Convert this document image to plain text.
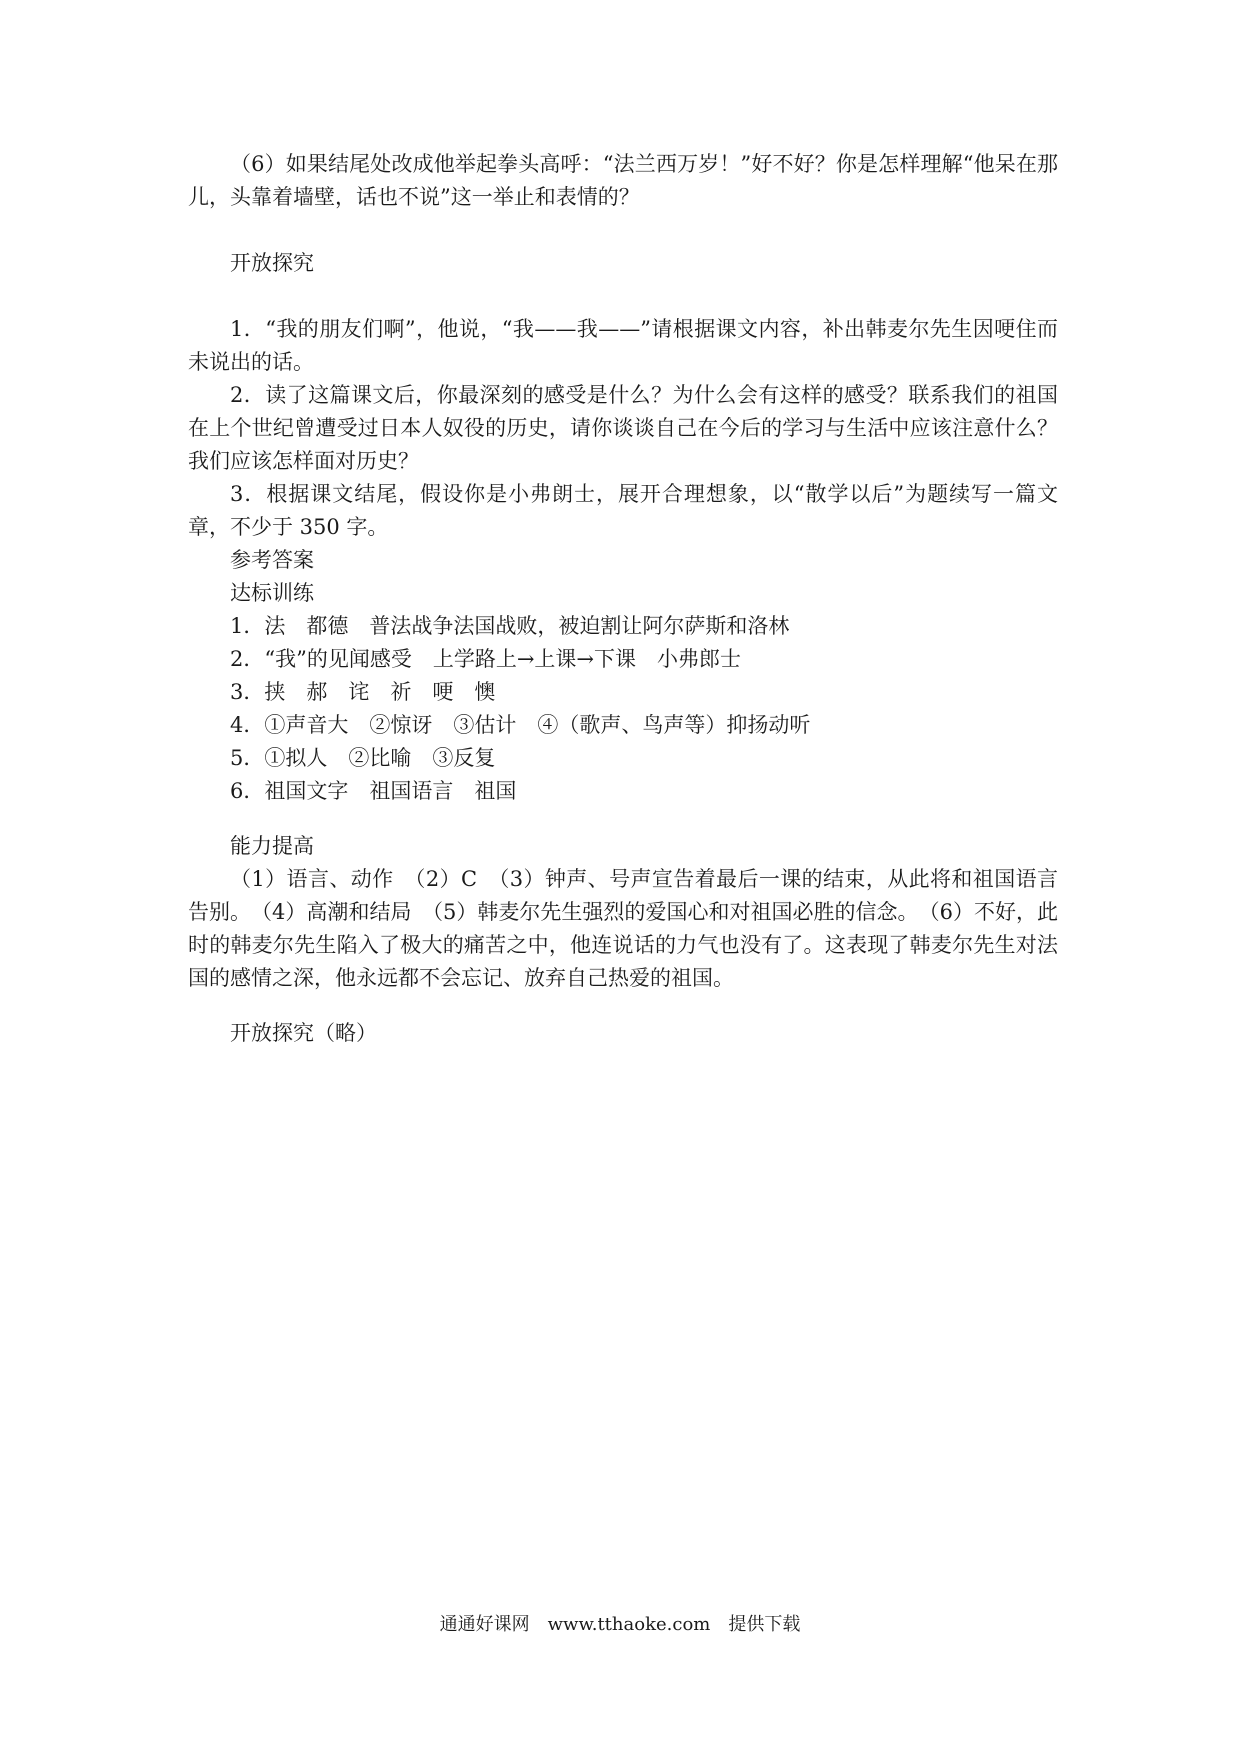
（6）如果结尾处改成他举起拳头高呼：“法兰西万岁！”好不好？你是怎样理解“他呆在那儿，头靠着墙壁，话也不说”这一举止和表情的？

开放探究

1．“我的朋友们啊”，他说，“我——我——”请根据课文内容，补出韩麦尔先生因哽住而未说出的话。

2．读了这篇课文后，你最深刻的感受是什么？为什么会有这样的感受？联系我们的祖国在上个世纪曾遭受过日本人奴役的历史，请你谈谈自己在今后的学习与生活中应该注意什么？我们应该怎样面对历史？

3．根据课文结尾，假设你是小弗朗士，展开合理想象，以“散学以后”为题续写一篇文章，不少于 350 字。

参考答案

达标训练

1．法　都德　普法战争法国战败，被迫割让阿尔萨斯和洛林

2．“我”的见闻感受　上学路上→上课→下课　小弗郎士

3．挟　郝　诧　祈　哽　懊

4．①声音大　②惊讶　③估计　④（歌声、鸟声等）抑扬动听

5．①拟人　②比喻　③反复

6．祖国文字　祖国语言　祖国

能力提高

（1）语言、动作　（2）C　（3）钟声、号声宣告着最后一课的结束，从此将和祖国语言告别。　（4）高潮和结局　（5）韩麦尔先生强烈的爱国心和对祖国必胜的信念。　（6）不好，此时的韩麦尔先生陷入了极大的痛苦之中，他连说话的力气也没有了。这表现了韩麦尔先生对法国的感情之深，他永远都不会忘记、放弃自己热爱的祖国。

开放探究（略）

通通好课网　www.tthaoke.com　提供下载
